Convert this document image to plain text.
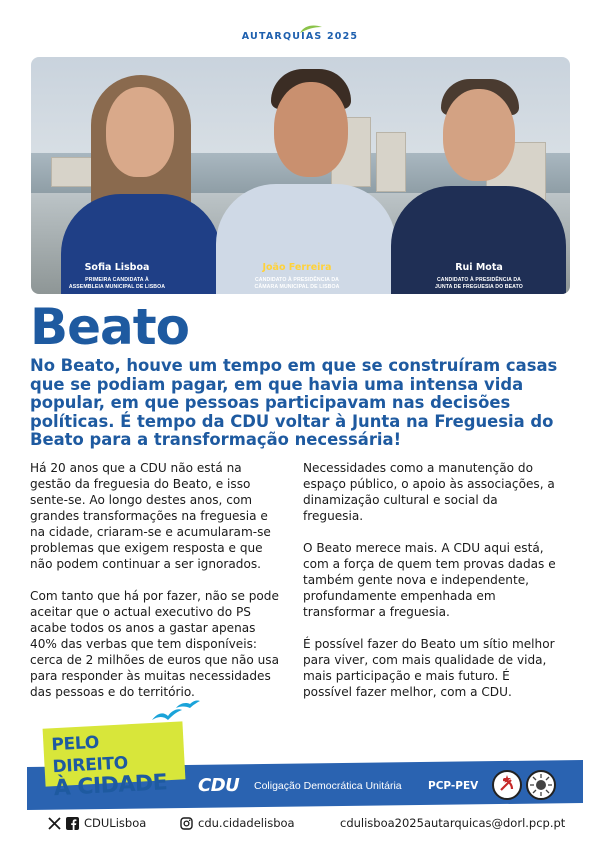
AUTARQUIAS 2025
Sofia Lisboa
PRIMEIRA CANDIDATA À
ASSEMBLEIA MUNICIPAL DE LISBOA
João Ferreira
CANDIDATO À PRESIDÊNCIA DA
CÂMARA MUNICIPAL DE LISBOA
Rui Mota
CANDIDATO À PRESIDÊNCIA DA
JUNTA DE FREGUESIA DO BEATO
Beato
No Beato, houve um tempo em que se construíram casas que se podiam pagar, em que havia uma intensa vida popular, em que pessoas participavam nas decisões políticas. É tempo da CDU voltar à Junta na Freguesia do Beato para a transformação necessária!

Há 20 anos que a CDU não está na gestão da freguesia do Beato, e isso sente-se. Ao longo destes anos, com grandes transformações na freguesia e na cidade, criaram-se e acumularam-se problemas que exigem resposta e que não podem continuar a ser ignorados.

Com tanto que há por fazer, não se pode aceitar que o actual executivo do PS acabe todos os anos a gastar apenas 40% das verbas que tem disponíveis: cerca de 2 milhões de euros que não usa para responder às muitas necessidades das pessoas e do território.

Necessidades como a manutenção do espaço público, o apoio às associações, a dinamização cultural e social da freguesia.

O Beato merece mais. A CDU aqui está, com a força de quem tem provas dadas e também gente nova e independente, profundamente empenhada em transformar a freguesia.

É possível fazer do Beato um sítio melhor para viver, com mais qualidade de vida, mais participação e mais futuro. É possível fazer melhor, com a CDU.

PELO DIREITO
À CIDADE	CDU Coligação Democrática Unitária	PCP-PEV
CDULisboa	cdu.cidadelisboa	cdulisboa2025autarquicas@dorl.pcp.pt
